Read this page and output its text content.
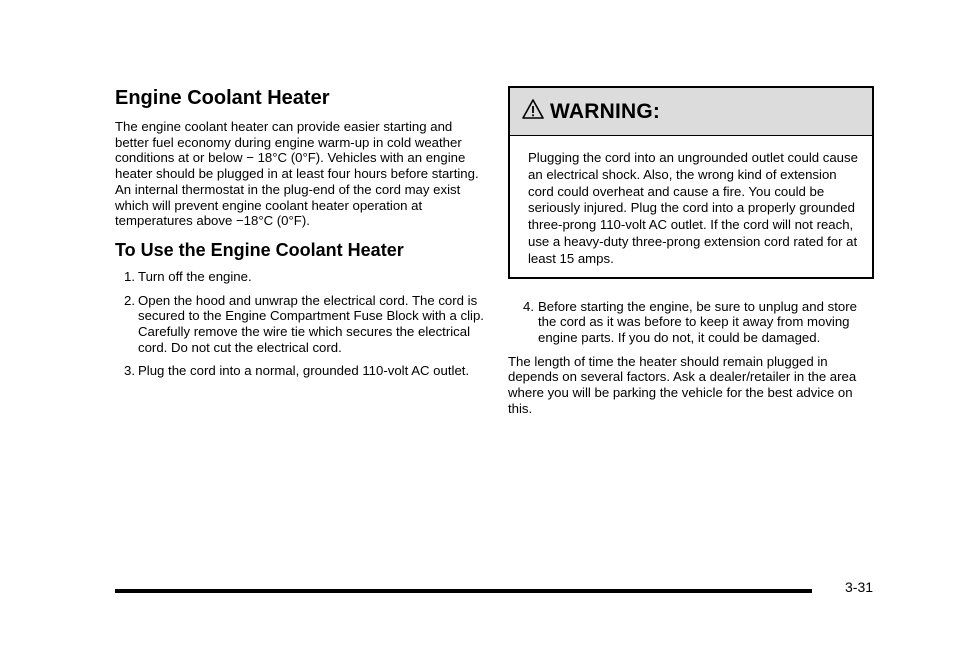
Engine Coolant Heater

The engine coolant heater can provide easier starting and better fuel economy during engine warm-up in cold weather conditions at or below − 18°C (0°F). Vehicles with an engine heater should be plugged in at least four hours before starting. An internal thermostat in the plug-end of the cord may exist which will prevent engine coolant heater operation at temperatures above −18°C (0°F).

To Use the Engine Coolant Heater
1. Turn off the engine.
2. Open the hood and unwrap the electrical cord. The cord is secured to the Engine Compartment Fuse Block with a clip. Carefully remove the wire tie which secures the electrical cord. Do not cut the electrical cord.
3. Plug the cord into a normal, grounded 110-volt AC outlet.
WARNING:

Plugging the cord into an ungrounded outlet could cause an electrical shock. Also, the wrong kind of extension cord could overheat and cause a fire. You could be seriously injured. Plug the cord into a properly grounded three-prong 110-volt AC outlet. If the cord will not reach, use a heavy-duty three-prong extension cord rated for at least 15 amps.

4. Before starting the engine, be sure to unplug and store the cord as it was before to keep it away from moving engine parts. If you do not, it could be damaged.

The length of time the heater should remain plugged in depends on several factors. Ask a dealer/retailer in the area where you will be parking the vehicle for the best advice on this.

3-31
